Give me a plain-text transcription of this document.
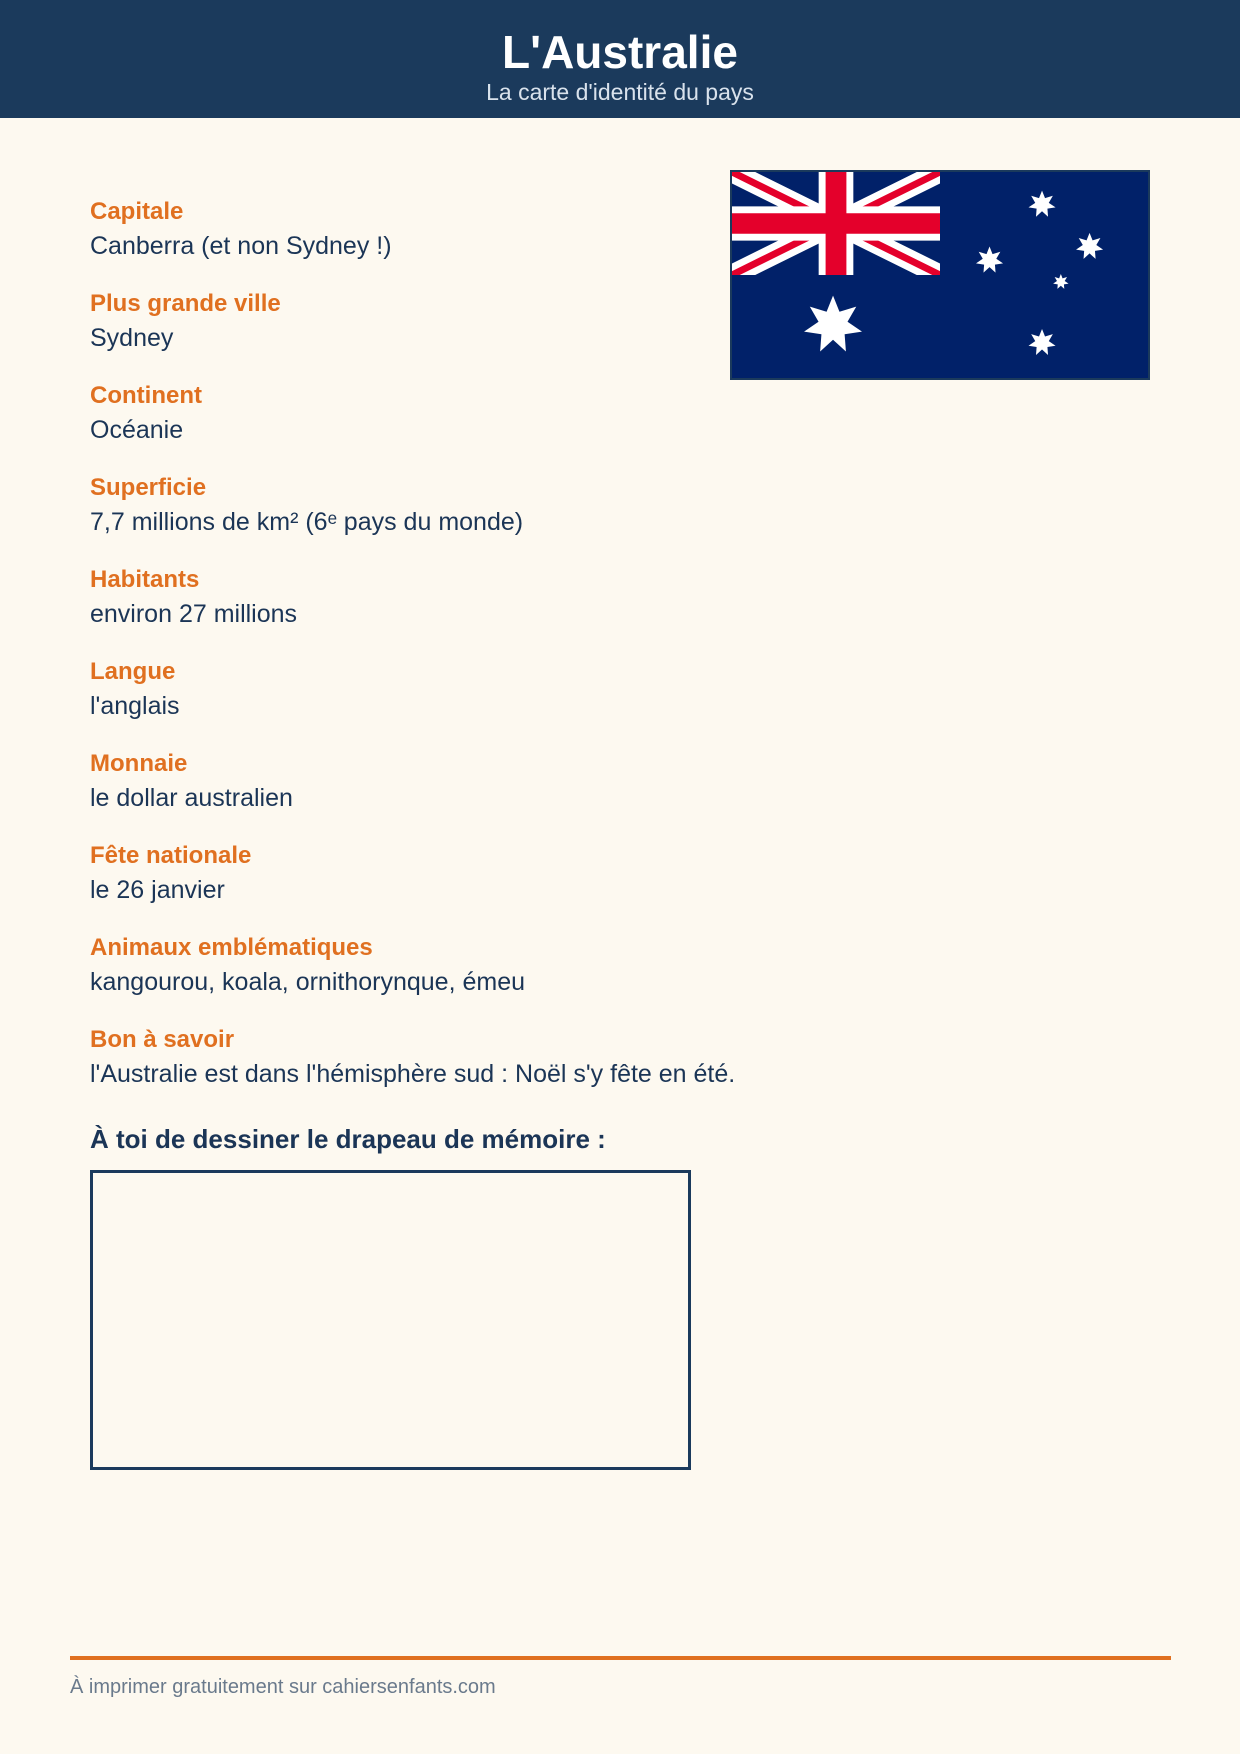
L'Australie
La carte d'identité du pays
Capitale
Canberra (et non Sydney !)
Plus grande ville
Sydney
Continent
Océanie
Superficie
7,7 millions de km² (6ᵉ pays du monde)
Habitants
environ 27 millions
Langue
l'anglais
Monnaie
le dollar australien
Fête nationale
le 26 janvier
Animaux emblématiques
kangourou, koala, ornithorynque, émeu
Bon à savoir
l'Australie est dans l'hémisphère sud : Noël s'y fête en été.
À toi de dessiner le drapeau de mémoire :
À imprimer gratuitement sur cahiersenfants.com
